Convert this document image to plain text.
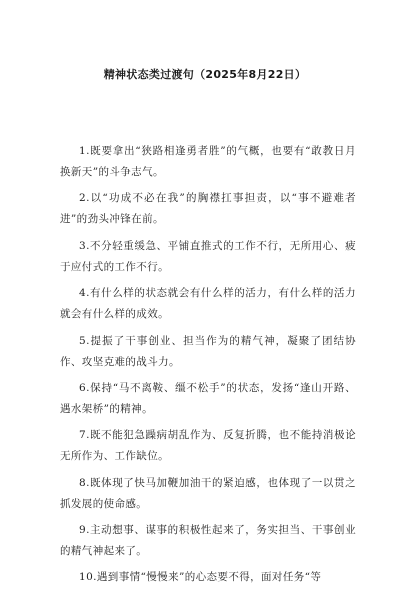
精神状态类过渡句（2025年8月22日）

1.既要拿出“狭路相逢勇者胜”的气概，也要有“敢教日月换新天”的斗争志气。

2.以“功成不必在我”的胸襟扛事担责，以“事不避难者进”的劲头冲锋在前。

3.不分轻重缓急、平铺直推式的工作不行，无所用心、疲于应付式的工作不行。

4.有什么样的状态就会有什么样的活力，有什么样的活力就会有什么样的成效。

5.提振了干事创业、担当作为的精气神，凝聚了团结协作、攻坚克难的战斗力。

6.保持“马不离鞍、缰不松手”的状态，发扬“逢山开路、遇水架桥”的精神。

7.既不能犯急躁病胡乱作为、反复折腾，也不能持消极论无所作为、工作缺位。

8.既体现了快马加鞭加油干的紧迫感，也体现了一以贯之抓发展的使命感。

9.主动想事、谋事的积极性起来了，务实担当、干事创业的精气神起来了。

10.遇到事情“慢慢来”的心态要不得，面对任务“等
